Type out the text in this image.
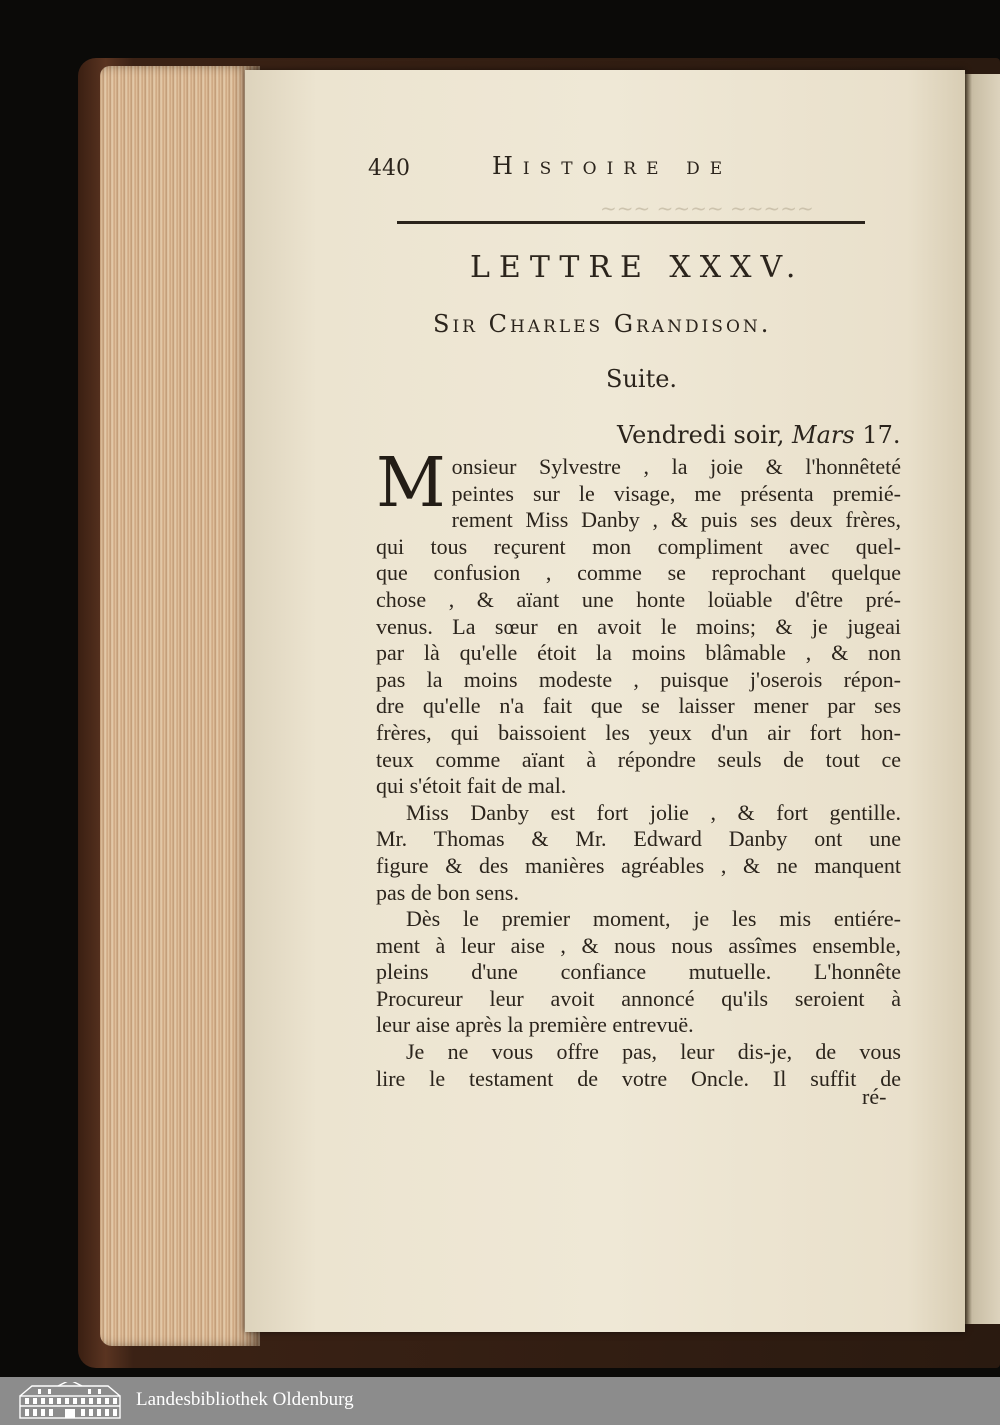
~~~ ~~~~ ~~~~~
440	Histoire de
LETTRE XXXV.
Sir Charles Grandison.
Suite.
Vendredi soir, Mars 17.
M onsieur Sylvestre , la joie & l'honnêteté
peintes sur le visage, me présenta premié-
rement Miss Danby , & puis ses deux frères,
qui tous reçurent mon compliment avec quel-
que confusion , comme se reprochant quelque
chose , & aïant une honte loüable d'être pré-
venus. La sœur en avoit le moins; & je jugeai
par là qu'elle étoit la moins blâmable , & non
pas la moins modeste , puisque j'oserois répon-
dre qu'elle n'a fait que se laisser mener par ses
frères, qui baissoient les yeux d'un air fort hon-
teux comme aïant à répondre seuls de tout ce
qui s'étoit fait de mal.
Miss Danby est fort jolie , & fort gentille.
Mr. Thomas & Mr. Edward Danby ont une
figure & des manières agréables , & ne manquent
pas de bon sens.
Dès le premier moment, je les mis entiére-
ment à leur aise , & nous nous assîmes ensemble,
pleins d'une confiance mutuelle. L'honnête
Procureur leur avoit annoncé qu'ils seroient à
leur aise après la première entrevuë.
Je ne vous offre pas, leur dis-je, de vous
lire le testament de votre Oncle. Il suffit de
ré-
Landesbibliothek Oldenburg
